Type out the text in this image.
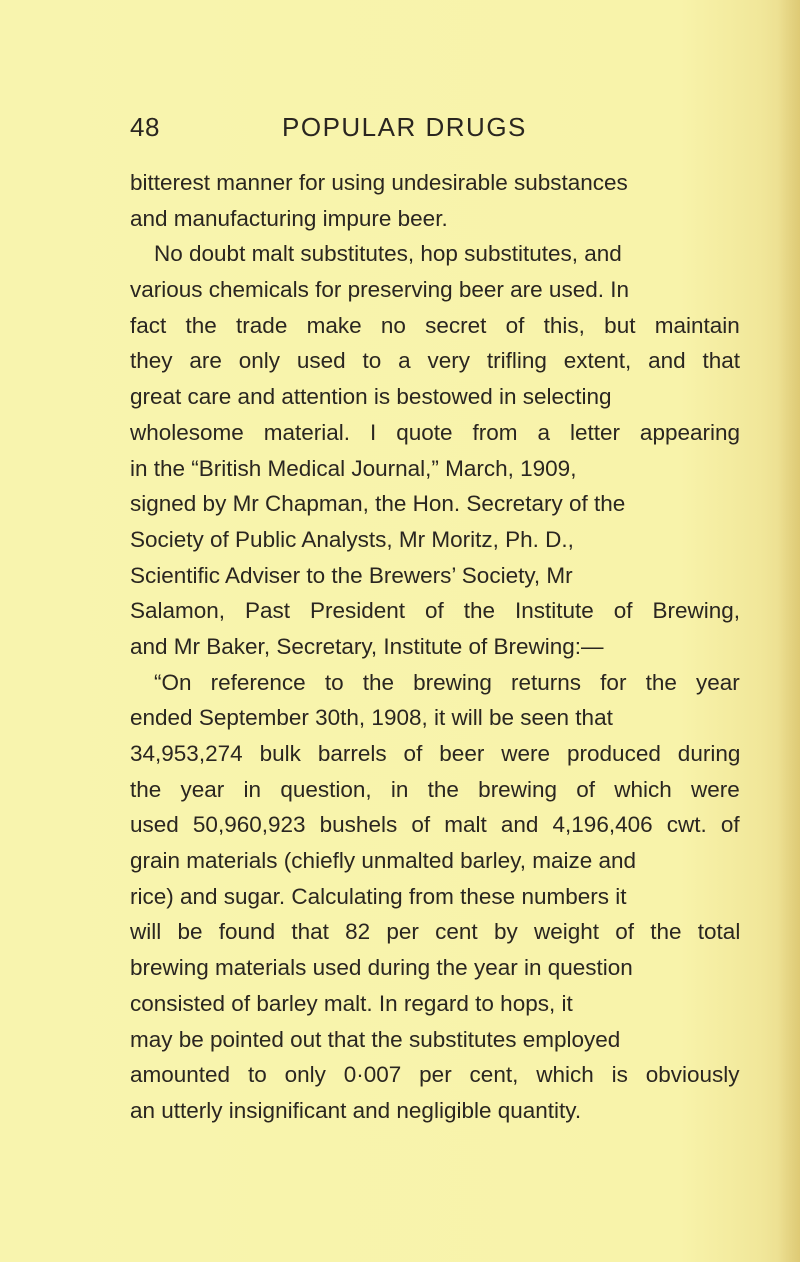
48	POPULAR DRUGS
bitterest manner for using undesirable substances
and manufacturing impure beer.
No doubt malt substitutes, hop substitutes, and
various chemicals for preserving beer are used. In
fact the trade make no secret of this, but maintain
they are only used to a very trifling extent, and that
great care and attention is bestowed in selecting
wholesome material. I quote from a letter appearing
in the “British Medical Journal,” March, 1909,
signed by Mr Chapman, the Hon. Secretary of the
Society of Public Analysts, Mr Moritz, Ph. D.,
Scientific Adviser to the Brewers’ Society, Mr
Salamon, Past President of the Institute of Brewing,
and Mr Baker, Secretary, Institute of Brewing:—
“On reference to the brewing returns for the year
ended September 30th, 1908, it will be seen that
34,953,274 bulk barrels of beer were produced during
the year in question, in the brewing of which were
used 50,960,923 bushels of malt and 4,196,406 cwt. of
grain materials (chiefly unmalted barley, maize and
rice) and sugar. Calculating from these numbers it
will be found that 82 per cent by weight of the total
brewing materials used during the year in question
consisted of barley malt. In regard to hops, it
may be pointed out that the substitutes employed
amounted to only 0·007 per cent, which is obviously
an utterly insignificant and negligible quantity.
